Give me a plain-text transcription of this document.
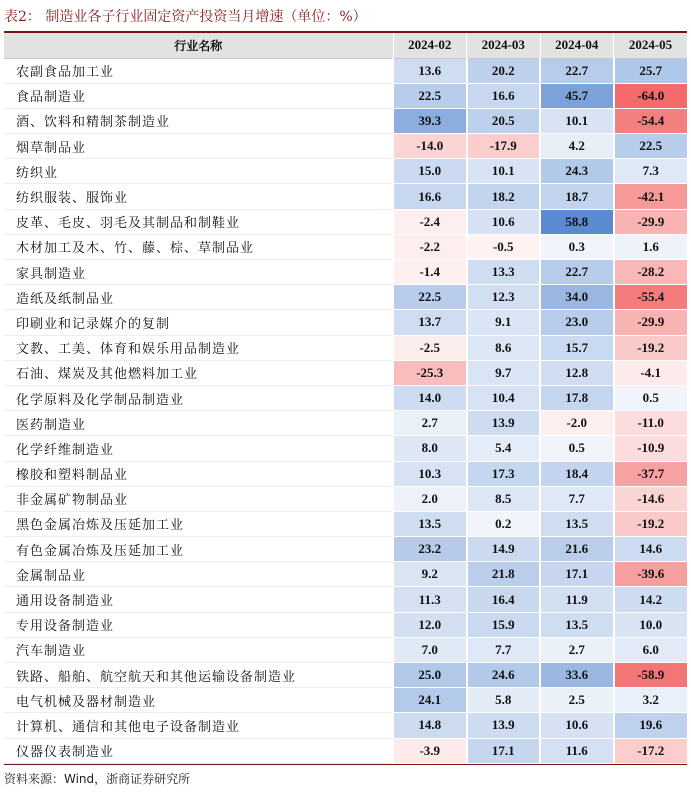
表2： 制造业各子行业固定资产投资当月增速（单位：%）
行业名称	2024-02	2024-03	2024-04	2024-05
农副食品加工业	13.6	20.2	22.7	25.7
食品制造业	22.5	16.6	45.7	-64.0
酒、饮料和精制茶制造业	39.3	20.5	10.1	-54.4
烟草制品业	-14.0	-17.9	4.2	22.5
纺织业	15.0	10.1	24.3	7.3
纺织服装、服饰业	16.6	18.2	18.7	-42.1
皮革、毛皮、羽毛及其制品和制鞋业	-2.4	10.6	58.8	-29.9
木材加工及木、竹、藤、棕、草制品业	-2.2	-0.5	0.3	1.6
家具制造业	-1.4	13.3	22.7	-28.2
造纸及纸制品业	22.5	12.3	34.0	-55.4
印刷业和记录媒介的复制	13.7	9.1	23.0	-29.9
文教、工美、体育和娱乐用品制造业	-2.5	8.6	15.7	-19.2
石油、煤炭及其他燃料加工业	-25.3	9.7	12.8	-4.1
化学原料及化学制品制造业	14.0	10.4	17.8	0.5
医药制造业	2.7	13.9	-2.0	-11.0
化学纤维制造业	8.0	5.4	0.5	-10.9
橡胶和塑料制品业	10.3	17.3	18.4	-37.7
非金属矿物制品业	2.0	8.5	7.7	-14.6
黑色金属冶炼及压延加工业	13.5	0.2	13.5	-19.2
有色金属冶炼及压延加工业	23.2	14.9	21.6	14.6
金属制品业	9.2	21.8	17.1	-39.6
通用设备制造业	11.3	16.4	11.9	14.2
专用设备制造业	12.0	15.9	13.5	10.0
汽车制造业	7.0	7.7	2.7	6.0
铁路、船舶、航空航天和其他运输设备制造业	25.0	24.6	33.6	-58.9
电气机械及器材制造业	24.1	5.8	2.5	3.2
计算机、通信和其他电子设备制造业	14.8	13.9	10.6	19.6
仪器仪表制造业	-3.9	17.1	11.6	-17.2
资料来源：Wind，浙商证券研究所
